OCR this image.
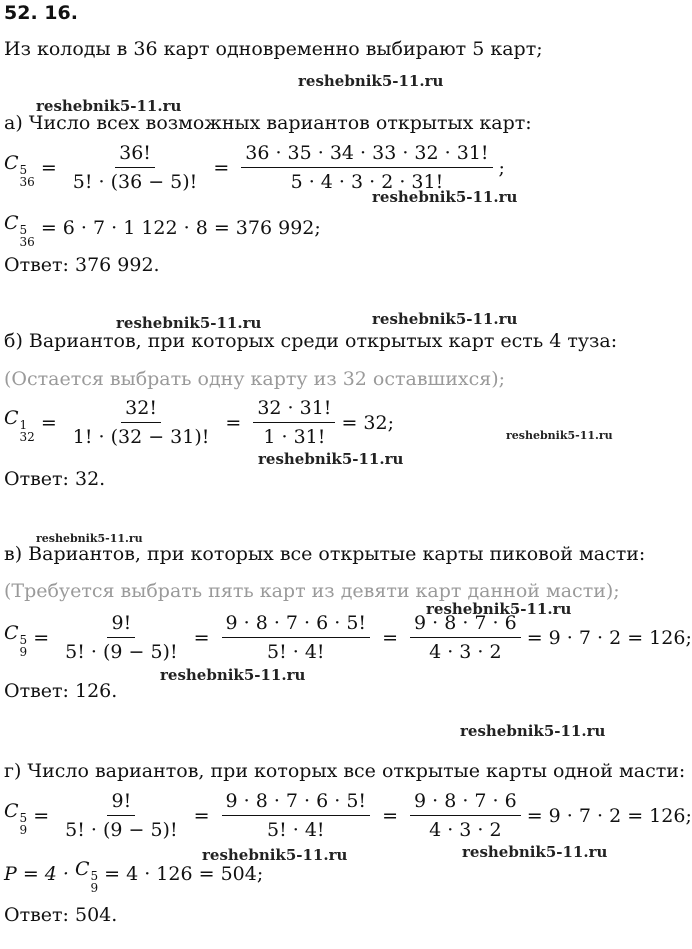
52. 16.
Из колоды в 36 карт одновременно выбирают 5 карт;
reshebnik5-11.ru
reshebnik5-11.ru
reshebnik5-11.ru
reshebnik5-11.ru	reshebnik5-11.ru
reshebnik5-11.ru
reshebnik5-11.ru
reshebnik5-11.ru
reshebnik5-11.ru
reshebnik5-11.ru
reshebnik5-11.ru
reshebnik5-11.ru	reshebnik5-11.ru
а) Число всех возможных вариантов открытых карт:
C 5
36
= $\frac{36!}{5! \cdot (36 - 5)!} = \frac{36 \cdot 35 \cdot 34 \cdot 33 \cdot 32 \cdot 31!}{5 \cdot 4 \cdot 3 \cdot 2 \cdot 31!}$ ;
C 5
36
= 6 · 7 · 1 122 · 8 = 376 992;
Ответ: 376 992.
б) Вариантов, при которых среди открытых карт есть 4 туза:
(Остается выбрать одну карту из 32 оставшихся);
C 1
32
= $\frac{32!}{1! \cdot (32 - 31)!} = \frac{32 \cdot 31!}{1 \cdot 31!} = 32$;
Ответ: 32.
в) Вариантов, при которых все открытые карты пиковой масти:
(Требуется выбрать пять карт из девяти карт данной масти);
C 5
9
= $\frac{9!}{5! \cdot (9 - 5)!} = \frac{9 \cdot 8 \cdot 7 \cdot 6 \cdot 5!}{5! \cdot 4!} = \frac{9 \cdot 8 \cdot 7 \cdot 6}{4 \cdot 3 \cdot 2} = 9 \cdot 7 \cdot 2 = 126$;
Ответ: 126.
г) Число вариантов, при которых все открытые карты одной масти:
C 5
9
= $\frac{9!}{5! \cdot (9 - 5)!} = \frac{9 \cdot 8 \cdot 7 \cdot 6 \cdot 5!}{5! \cdot 4!} = \frac{9 \cdot 8 \cdot 7 \cdot 6}{4 \cdot 3 \cdot 2} = 9 \cdot 7 \cdot 2 = 126$;
P = 4 · C 5
9
= 4 · 126 = 504;
Ответ: 504.
